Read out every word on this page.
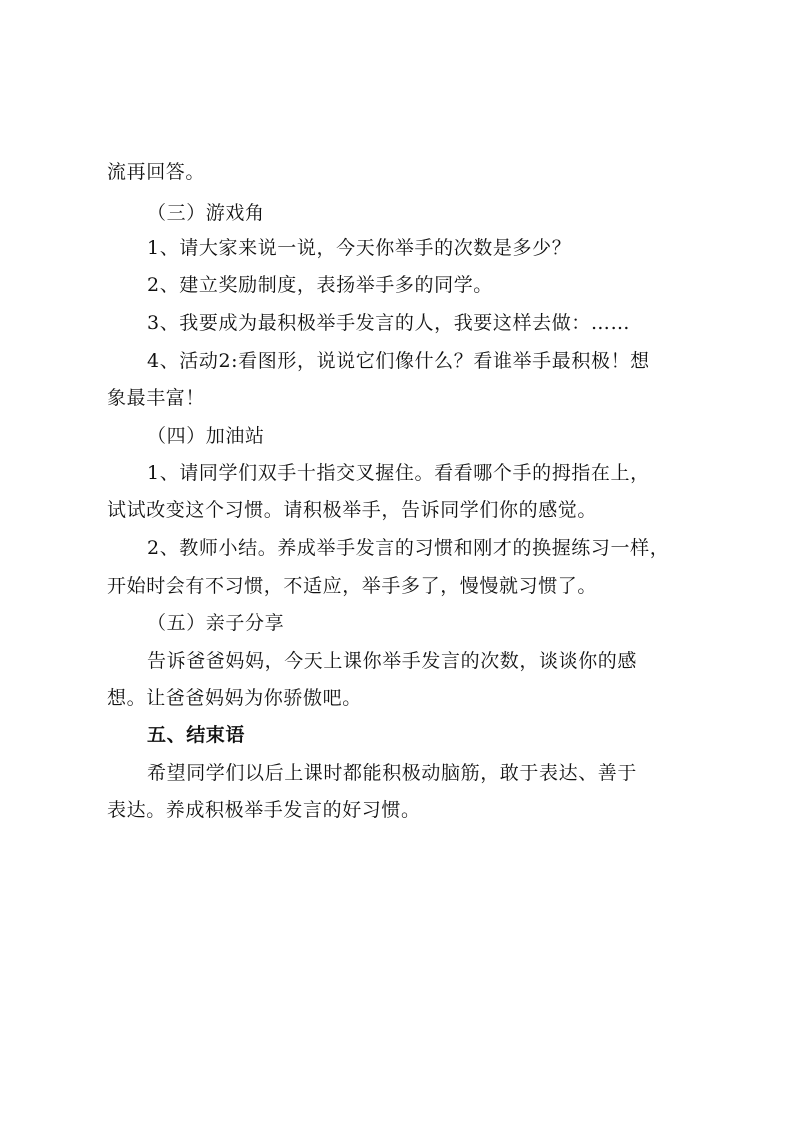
流再回答。
（三）游戏角
1、请大家来说一说，今天你举手的次数是多少？
2、建立奖励制度，表扬举手多的同学。
3、我要成为最积极举手发言的人，我要这样去做：……
4、活动2:看图形，说说它们像什么？看谁举手最积极！想
象最丰富！
（四）加油站
1、请同学们双手十指交叉握住。看看哪个手的拇指在上，
试试改变这个习惯。请积极举手，告诉同学们你的感觉。
2、教师小结。养成举手发言的习惯和刚才的换握练习一样，
开始时会有不习惯，不适应，举手多了，慢慢就习惯了。
（五）亲子分享
告诉爸爸妈妈，今天上课你举手发言的次数，谈谈你的感
想。让爸爸妈妈为你骄傲吧。
五、结束语
希望同学们以后上课时都能积极动脑筋，敢于表达、善于
表达。养成积极举手发言的好习惯。
